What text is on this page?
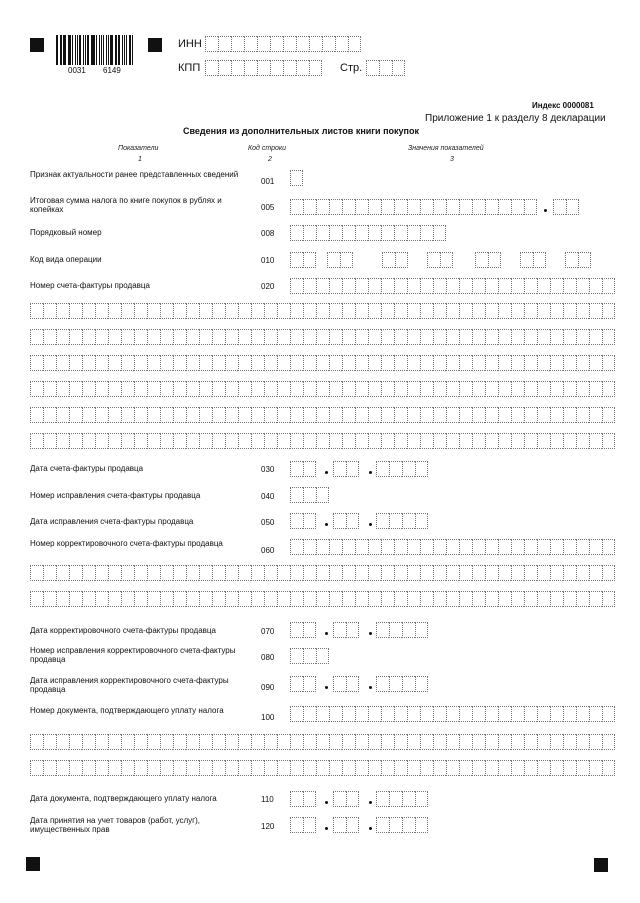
0031 6149
ИНН
КПП	Стр.
Индекс 0000081
Приложение 1 к разделу 8 декларации
Сведения из дополнительных листов книги покупок
Показатели
1
Код строки
2
Значения показателей
3
Признак актуальности ранее представленных сведений
001
Итоговая сумма налога по книге покупок в рублях и копейках	005
Порядковый номер	008
Код вида операции	010
Номер счета-фактуры продавца	020
Дата счета-фактуры продавца	030
Номер исправления счета-фактуры продавца	040
Дата исправления счета-фактуры продавца	050
Номер корректировочного счета-фактуры продавца
060
Дата корректировочного счета-фактуры продавца	070
Номер исправления корректировочного счета-фактуры продавца	080
Дата исправления корректировочного счета-фактуры продавца	090
Номер документа, подтверждающего уплату налога
100
Дата документа, подтверждающего уплату налога	110
Дата принятия на учет товаров (работ, услуг), имущественных прав	120
